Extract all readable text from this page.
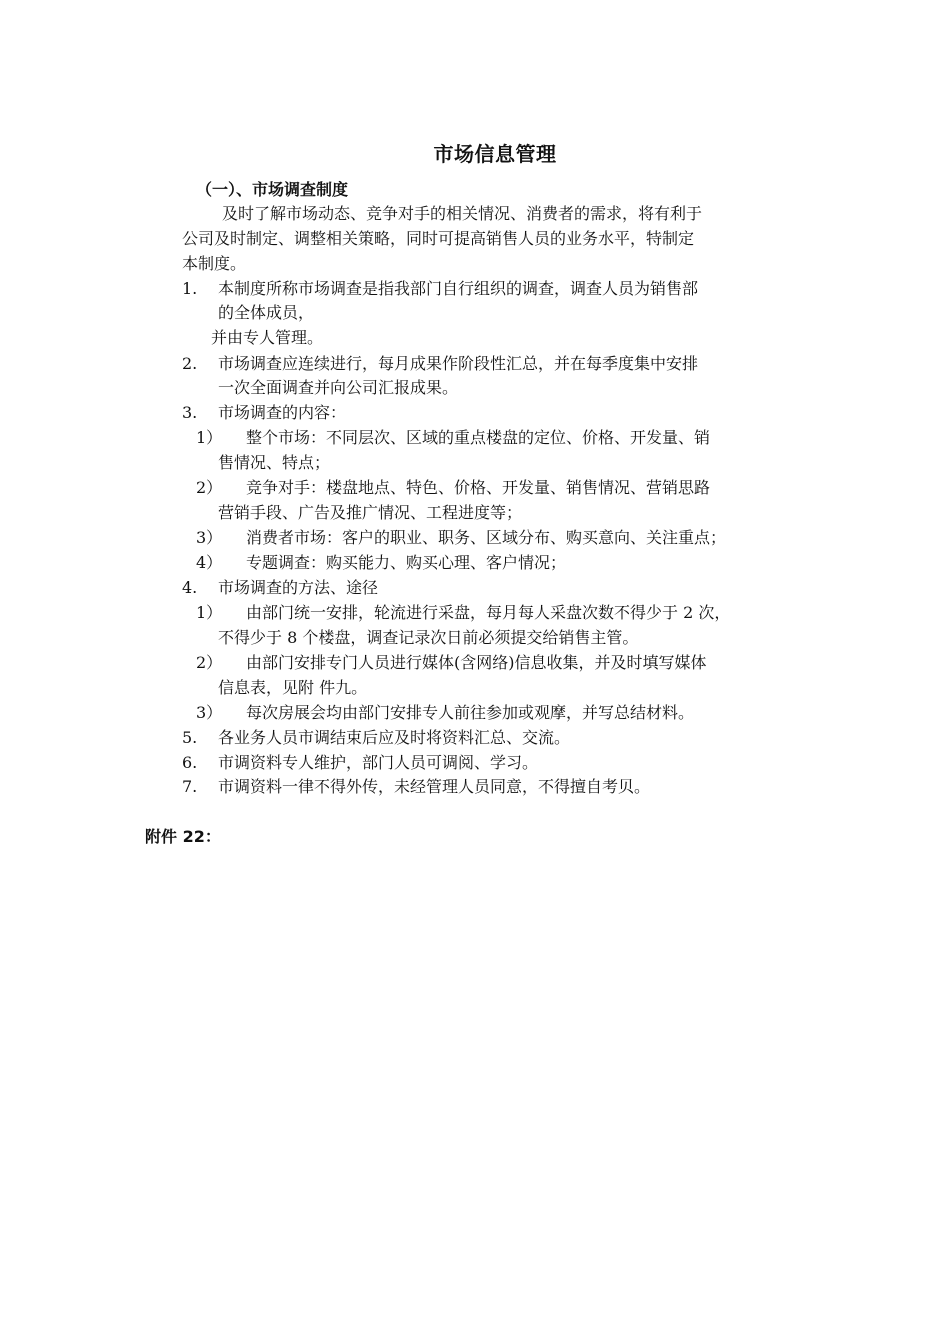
市场信息管理
（一）、市场调查制度
及时了解市场动态、竞争对手的相关情况、消费者的需求，将有利于
公司及时制定、调整相关策略，同时可提高销售人员的业务水平，特制定
本制度。
1. 本制度所称市场调查是指我部门自行组织的调查，调查人员为销售部
的全体成员，
并由专人管理。
2. 市场调查应连续进行，每月成果作阶段性汇总，并在每季度集中安排
一次全面调查并向公司汇报成果。
3. 市场调查的内容：
1） 整个市场：不同层次、区域的重点楼盘的定位、价格、开发量、销
售情况、特点；
2） 竞争对手：楼盘地点、特色、价格、开发量、销售情况、营销思路
营销手段、广告及推广情况、工程进度等；
3） 消费者市场：客户的职业、职务、区域分布、购买意向、关注重点；
4） 专题调查：购买能力、购买心理、客户情况；
4. 市场调查的方法、途径
1） 由部门统一安排，轮流进行采盘，每月每人采盘次数不得少于 2 次，
不得少于 8 个楼盘，调查记录次日前必须提交给销售主管。
2） 由部门安排专门人员进行媒体(含网络)信息收集，并及时填写媒体
信息表，见附 件九。
3） 每次房展会均由部门安排专人前往参加或观摩，并写总结材料。
5. 各业务人员市调结束后应及时将资料汇总、交流。
6. 市调资料专人维护，部门人员可调阅、学习。
7. 市调资料一律不得外传，未经管理人员同意，不得擅自考贝。
附件 22：
